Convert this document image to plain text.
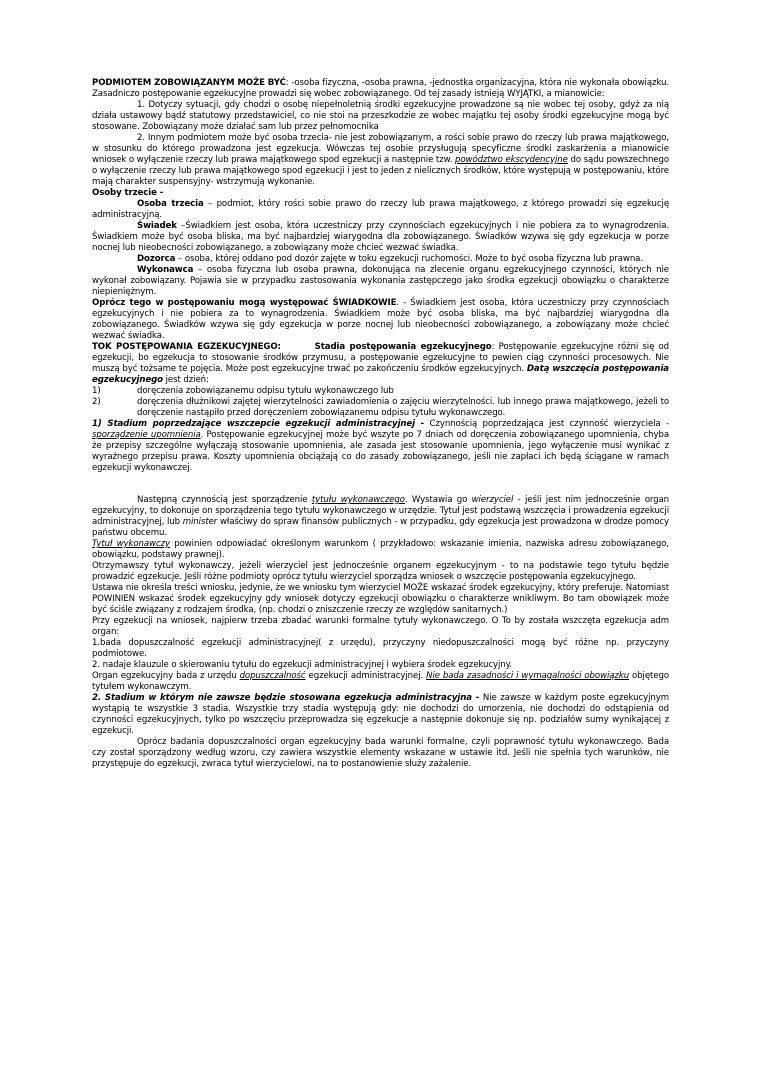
PODMIOTEM ZOBOWIĄZANYM MOŻE BYĆ: -osoba fizyczna, -osoba prawna, -jednostka organizacyjna, która nie wykonała obowiązku. Zasadniczo postępowanie egzekucyjne prowadzi się wobec zobowiązanego. Od tej zasady istnieją WYJĄTKI, a mianowicie:

1. Dotyczy sytuacji, gdy chodzi o osobę niepełnoletnią środki egzekucyjne prowadzone są nie wobec tej osoby, gdyż za nią działa ustawowy bądź statutowy przedstawiciel, co nie stoi na przeszkodzie ze wobec majątku tej osoby środki egzekucyjne mogą być stosowane. Zobowiązany może działać sam lub przez pełnomocnika

2. Innym podmiotem może być osoba trzecia- nie jest zobowiązanym, a rości sobie prawo do rzeczy lub prawa majątkowego, w stosunku do którego prowadzona jest egzekucja. Wówczas tej osobie przysługują specyficzne środki zaskarżenia a mianowicie wniosek o wyłączenie rzeczy lub prawa majątkowego spod egzekucji a następnie tzw. powództwo ekscydencyjne do sądu powszechnego o wyłączenie rzeczy lub prawa majątkowego spod egzekucji i jest to jeden z nielicznych środków, które występują w postępowaniu, które mają charakter suspensyjny- wstrzymują wykonanie.

Osoby trzecie -

Osoba trzecia – podmiot, który rości sobie prawo do rzeczy lub prawa majątkowego, z którego prowadzi się egzekucję administracyjną.

Świadek –Świadkiem jest osoba, która uczestniczy przy czynnościach egzekucyjnych i nie pobiera za to wynagrodzenia. Świadkiem może być osoba bliska, ma być najbardziej wiarygodna dla zobowiązanego. Świadków wzywa się gdy egzekucja w porze nocnej lub nieobecności zobowiązanego, a zobowiązany może chcieć wezwać świadka.

Dozorca – osoba, której oddano pod dozór zajęte w toku egzekucji ruchomości. Może to być osoba fizyczna lub prawna.

Wykonawca – osoba fizyczna lub osoba prawna, dokonująca na zlecenie organu egzekucyjnego czynności, których nie wykonał zobowiązany. Pojawia sie w przypadku zastosowania wykonania zastępczego jako środka egzekucji obowiązku o charakterze niepieniężnym.

Oprócz tego w postępowaniu mogą występować ŚWIADKOWIE. - Świadkiem jest osoba, która uczestniczy przy czynnościach egzekucyjnych i nie pobiera za to wynagrodzenia. Świadkiem może być osoba bliska, ma być najbardziej wiarygodna dla zobowiązanego. Świadków wzywa się gdy egzekucja w porze nocnej lub nieobecności zobowiązanego, a zobowiązany może chcieć wezwać świadka.

TOK POSTĘPOWANIA EGZEKUCYJNEGO:	Stadia postępowania egzekucyjnego: Postępowanie egzekucyjne różni się od egzekucji, bo egzekucja to stosowanie środków przymusu, a postępowanie egzekucyjne to pewien ciąg czynności procesowych. Nie muszą być tożsame te pojęcia. Może post egzekucyjne trwać po zakończeniu środków egzekucyjnych. Datą wszczęcia postępowania egzekucyjnego jest dzień:

1)	doręczenia zobowiązanemu odpisu tytułu wykonawczego lub
2)	doręczenia dłużnikowi zajętej wierzytelności zawiadomienia o zajęciu wierzytelności. lub innego prawa majątkowego, jeżeli to doręczenie nastąpiło przed doręczeniem zobowiązanemu odpisu tytułu wykonawczego.

1) Stadium poprzedzające wszczepcie egzekucji administracyjnej - Czynnością poprzedzająca jest czynność wierzyciela - sporządzenie upomnienia. Postępowanie egzekucyjnej może być wszyte po 7 dniach od doręczenia zobowiązanego upomnienia, chyba że przepisy szczególne wyłączają stosowanie upomnienia, ale zasada jest stosowanie upomnienia, jego wyłączenie musi wynikać z wyraźnego przepisu prawa. Koszty upomnienia obciążają co do zasady zobowiązanego, jeśli nie zapłaci ich będą ściągane w ramach egzekucji wykonawczej.

Następną czynnością jest sporządzenie tytułu wykonawczego. Wystawia go wierzyciel - jeśli jest nim jednocześnie organ egzekucyjny, to dokonuje on sporządzenia tego tytułu wykonawczego w urzędzie. Tytuł jest podstawą wszczęcia i prowadzenia egzekucji administracyjnej, lub minister właściwy do spraw finansów publicznych - w przypadku, gdy egzekucja jest prowadzona w drodze pomocy państwu obcemu.

Tytuł wykonawczy powinien odpowiadać określonym warunkom ( przykładowo: wskazanie imienia, nazwiska adresu zobowiązanego, obowiązku, podstawy prawnej).

Otrzymawszy tytuł wykonawczy, jeżeli wierzyciel jest jednocześnie organem egzekucyjnym - to na podstawie tego tytułu będzie prowadzić egzekucje. Jeśli różne podmioty oprócz tytułu wierzyciel sporządza wniosek o wszczęcie postępowania egzekucyjnego.

Ustawa nie określa treści wniosku, jedynie, że we wniosku tym wierzyciel MOŻE wskazać środek egzekucyjny, który preferuje. Natomiast POWINIEN wskazać środek egzekucyjny gdy wniosek dotyczy egzekucji obowiązku o charakterze wnikliwym. Bo tam obowiązek może być ściśle związany z rodzajem środka, (np. chodzi o zniszczenie rzeczy ze względów sanitarnych.)

Przy egzekucji na wniosek, najpierw trzeba zbadać warunki formalne tytuły wykonawczego. O To by została wszczęta egzekucja adm organ:

1.bada dopuszczalność egzekucji administracyjnej( z urzędu), przyczyny niedopuszczalności mogą być różne np. przyczyny podmiotowe.

2. nadaje klauzule o skierowaniu tytułu do egzekucji administracyjnej i wybiera środek egzekucyjny.

Organ egzekucyjny bada z urzędu dopuszczalność egzekucji administracyjnej. Nie bada zasadności i wymagalności obowiązku objętego tytułem wykonawczym.

2. Stadium w którym nie zawsze będzie stosowana egzekucja administracyjna - Nie zawsze w każdym poste egzekucyjnym wystąpią te wszystkie 3 stadia. Wszystkie trzy stadia występują gdy: nie dochodzi do umorzenia, nie dochodzi do odstąpienia od czynności egzekucyjnych, tylko po wszczęciu przeprowadza się egzekucje a następnie dokonuje się np. podziałów sumy wynikającej z egzekucji.

Oprócz badania dopuszczalności organ egzekucyjny bada warunki formalne, czyli poprawność tytułu wykonawczego. Bada czy został sporządzony według wzoru, czy zawiera wszystkie elementy wskazane w ustawie itd. Jeśli nie spełnia tych warunków, nie przystępuje do egzekucji, zwraca tytuł wierzycielowi, na to postanowienie służy zażalenie.
